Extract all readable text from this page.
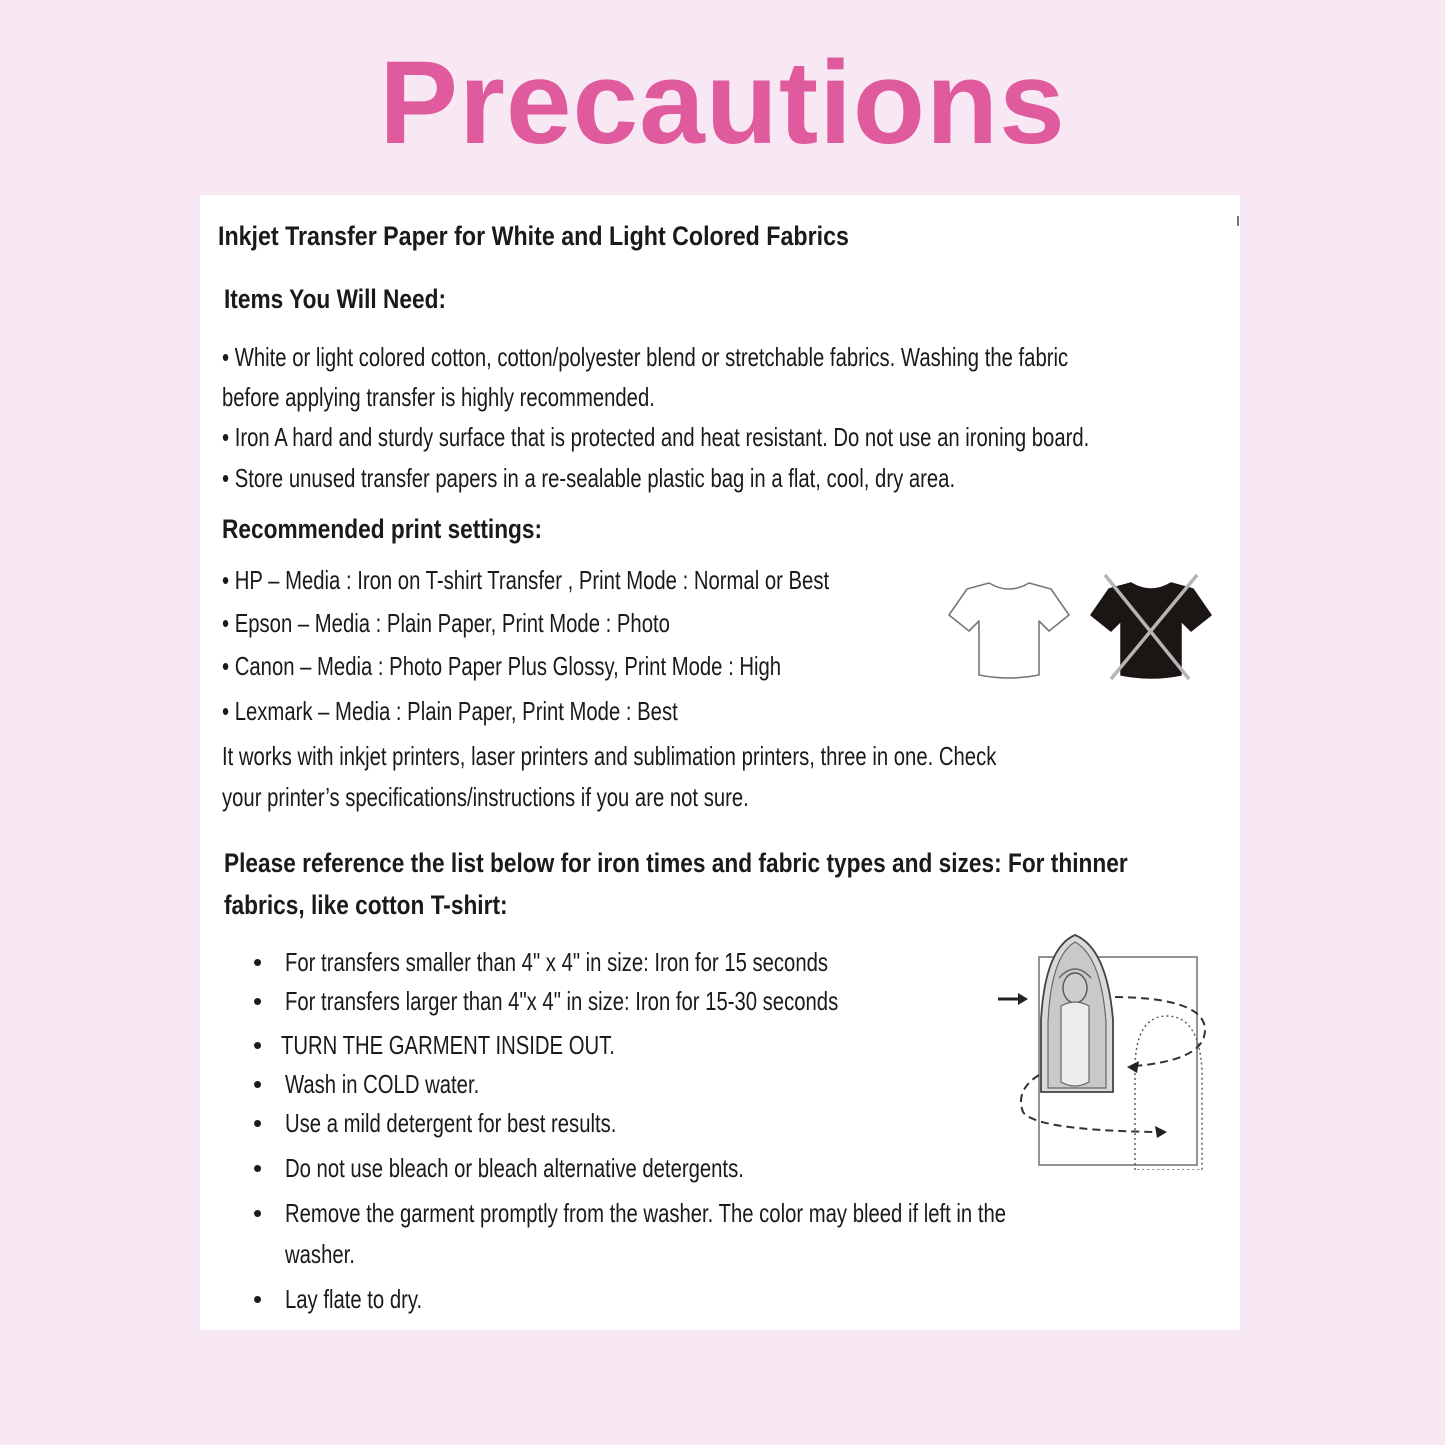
Precautions
Inkjet Transfer Paper for White and Light Colored Fabrics
Items You Will Need:
• White or light colored cotton, cotton/polyester blend or stretchable fabrics. Washing the fabric
before applying transfer is highly recommended.
• Iron A hard and sturdy surface that is protected and heat resistant. Do not use an ironing board.
• Store unused transfer papers in a re-sealable plastic bag in a flat, cool, dry area.
Recommended print settings:
• HP – Media : Iron on T-shirt Transfer , Print Mode : Normal or Best
• Epson – Media : Plain Paper, Print Mode : Photo
• Canon – Media : Photo Paper Plus Glossy, Print Mode : High
• Lexmark – Media : Plain Paper, Print Mode : Best
It works with inkjet printers, laser printers and sublimation printers, three in one. Check
your printer’s specifications/instructions if you are not sure.
Please reference the list below for iron times and fabric types and sizes: For thinner
fabrics, like cotton T-shirt:
• For transfers smaller than 4" x 4" in size: Iron for 15 seconds
• For transfers larger than 4"x 4" in size: Iron for 15-30 seconds
• TURN THE GARMENT INSIDE OUT.
• Wash in COLD water.
• Use a mild detergent for best results.
• Do not use bleach or bleach alternative detergents.
• Remove the garment promptly from the washer. The color may bleed if left in the
washer.
• Lay flate to dry.
